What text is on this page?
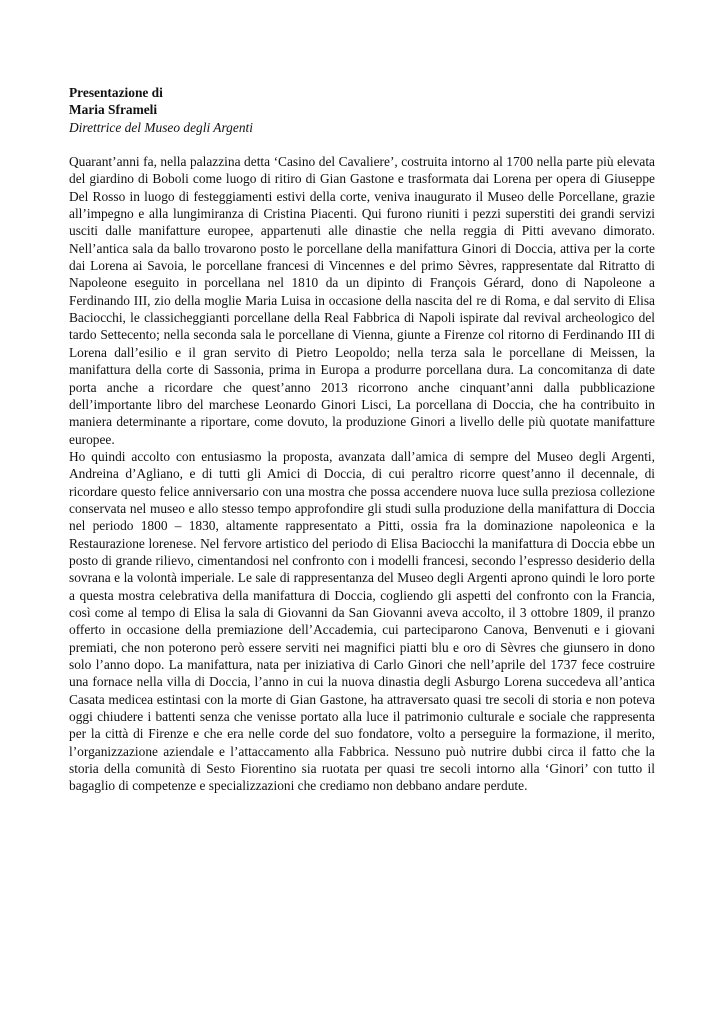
Presentazione di
Maria Sframeli
Direttrice del Museo degli Argenti

Quarant’anni fa, nella palazzina detta ‘Casino del Cavaliere’, costruita intorno al 1700 nella parte più elevata del giardino di Boboli come luogo di ritiro di Gian Gastone e trasformata dai Lorena per opera di Giuseppe Del Rosso in luogo di festeggiamenti estivi della corte, veniva inaugurato il Museo delle Porcellane, grazie all’impegno e alla lungimiranza di Cristina Piacenti. Qui furono riuniti i pezzi superstiti dei grandi servizi usciti dalle manifatture europee, appartenuti alle dinastie che nella reggia di Pitti avevano dimorato. Nell’antica sala da ballo trovarono posto le porcellane della manifattura Ginori di Doccia, attiva per la corte dai Lorena ai Savoia, le porcellane francesi di Vincennes e del primo Sèvres, rappresentate dal Ritratto di Napoleone eseguito in porcellana nel 1810 da un dipinto di François Gérard, dono di Napoleone a Ferdinando III, zio della moglie Maria Luisa in occasione della nascita del re di Roma, e dal servito di Elisa Baciocchi, le classicheggianti porcellane della Real Fabbrica di Napoli ispirate dal revival archeologico del tardo Settecento; nella seconda sala le porcellane di Vienna, giunte a Firenze col ritorno di Ferdinando III di Lorena dall’esilio e il gran servito di Pietro Leopoldo; nella terza sala le porcellane di Meissen, la manifattura della corte di Sassonia, prima in Europa a produrre porcellana dura. La concomitanza di date porta anche a ricordare che quest’anno 2013 ricorrono anche cinquant’anni dalla pubblicazione dell’importante libro del marchese Leonardo Ginori Lisci, La porcellana di Doccia, che ha contribuito in maniera determinante a riportare, come dovuto, la produzione Ginori a livello delle più quotate manifatture europee.

Ho quindi accolto con entusiasmo la proposta, avanzata dall’amica di sempre del Museo degli Argenti, Andreina d’Agliano, e di tutti gli Amici di Doccia, di cui peraltro ricorre quest’anno il decennale, di ricordare questo felice anniversario con una mostra che possa accendere nuova luce sulla preziosa collezione conservata nel museo e allo stesso tempo approfondire gli studi sulla produzione della manifattura di Doccia nel periodo 1800 – 1830, altamente rappresentato a Pitti, ossia fra la dominazione napoleonica e la Restaurazione lorenese. Nel fervore artistico del periodo di Elisa Baciocchi la manifattura di Doccia ebbe un posto di grande rilievo, cimentandosi nel confronto con i modelli francesi, secondo l’espresso desiderio della sovrana e la volontà imperiale. Le sale di rappresentanza del Museo degli Argenti aprono quindi le loro porte a questa mostra celebrativa della manifattura di Doccia, cogliendo gli aspetti del confronto con la Francia, così come al tempo di Elisa la sala di Giovanni da San Giovanni aveva accolto, il 3 ottobre 1809, il pranzo offerto in occasione della premiazione dell’Accademia, cui parteciparono Canova, Benvenuti e i giovani premiati, che non poterono però essere serviti nei magnifici piatti blu e oro di Sèvres che giunsero in dono solo l’anno dopo. La manifattura, nata per iniziativa di Carlo Ginori che nell’aprile del 1737 fece costruire una fornace nella villa di Doccia, l’anno in cui la nuova dinastia degli Asburgo Lorena succedeva all’antica Casata medicea estintasi con la morte di Gian Gastone, ha attraversato quasi tre secoli di storia e non poteva oggi chiudere i battenti senza che venisse portato alla luce il patrimonio culturale e sociale che rappresenta per la città di Firenze e che era nelle corde del suo fondatore, volto a perseguire la formazione, il merito, l’organizzazione aziendale e l’attaccamento alla Fabbrica. Nessuno può nutrire dubbi circa il fatto che la storia della comunità di Sesto Fiorentino sia ruotata per quasi tre secoli intorno alla ‘Ginori’ con tutto il bagaglio di competenze e specializzazioni che crediamo non debbano andare perdute.
